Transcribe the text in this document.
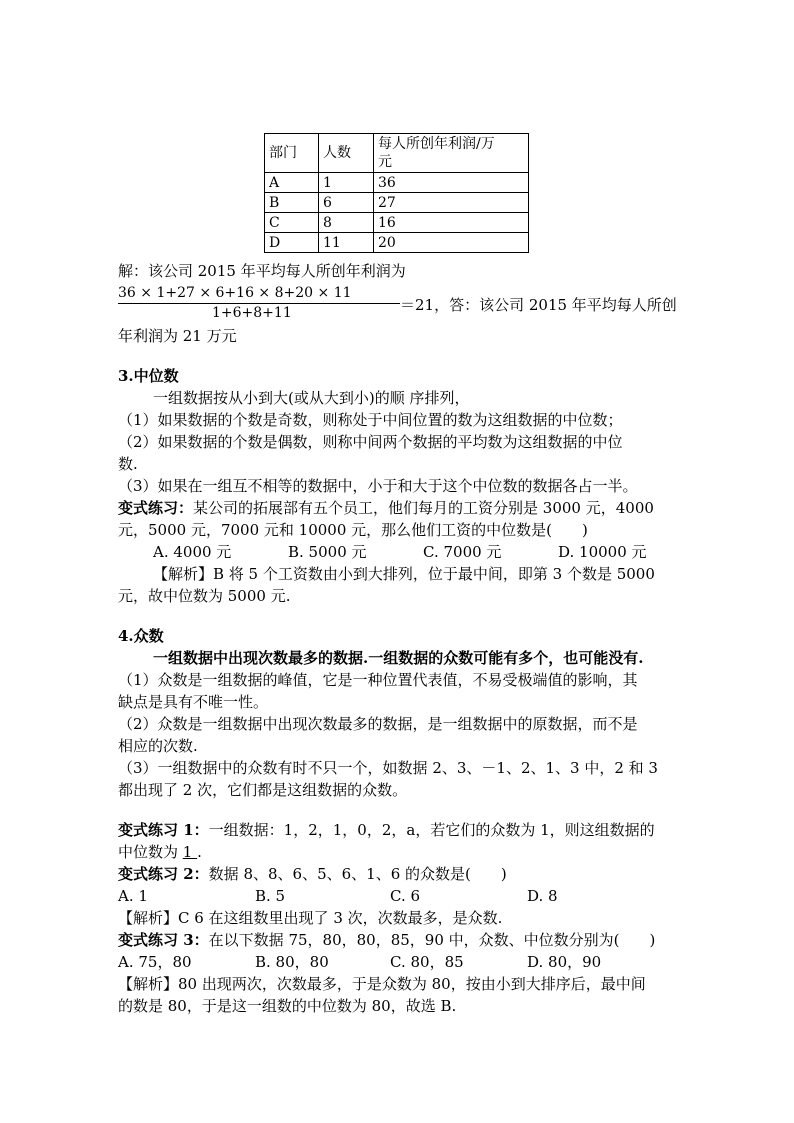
部门	人数	每人所创年利润/万
元
A	1	36
B	6	27
C	8	16
D	11	20
解：该公司 2015 年平均每人所创年利润为
36 × 1+27 × 6+16 × 8+20 × 11
1+6+8+11	＝21，答：该公司 2015 年平均每人所创
年利润为 21 万元
3.中位数
一组数据按从小到大(或从大到小)的顺 序排列，
（1）如果数据的个数是奇数，则称处于中间位置的数为这组数据的中位数；
（2）如果数据的个数是偶数，则称中间两个数据的平均数为这组数据的中位
数.
（3）如果在一组互不相等的数据中，小于和大于这个中位数的数据各占一半。
变式练习：某公司的拓展部有五个员工，他们每月的工资分别是 3000 元，4000
元，5000 元，7000 元和 10000 元，那么他们工资的中位数是(　　)
A. 4000 元	B. 5000 元	C. 7000 元	D. 10000 元
【解析】B 将 5 个工资数由小到大排列，位于最中间，即第 3 个数是 5000
元，故中位数为 5000 元.
4.众数
一组数据中出现次数最多的数据.一组数据的众数可能有多个，也可能没有.
（1）众数是一组数据的峰值，它是一种位置代表值，不易受极端值的影响，其
缺点是具有不唯一性。
（2）众数是一组数据中出现次数最多的数据，是一组数据中的原数据，而不是
相应的次数.
（3）一组数据中的众数有时不只一个，如数据 2、3、－1、2、1、3 中，2 和 3
都出现了 2 次，它们都是这组数据的众数。
变式练习 1：一组数据：1，2，1，0，2，a，若它们的众数为 1，则这组数据的
中位数为 1 .
变式练习 2：数据 8、8、6、5、6、1、6 的众数是(　　)
A. 1	B. 5	C. 6	D. 8
【解析】C 6 在这组数里出现了 3 次，次数最多，是众数.
变式练习 3：在以下数据 75，80，80，85，90 中，众数、中位数分别为(　　)
A. 75，80	B. 80，80	C. 80，85	D. 80，90
【解析】80 出现两次，次数最多，于是众数为 80，按由小到大排序后，最中间
的数是 80，于是这一组数的中位数为 80，故选 B.
